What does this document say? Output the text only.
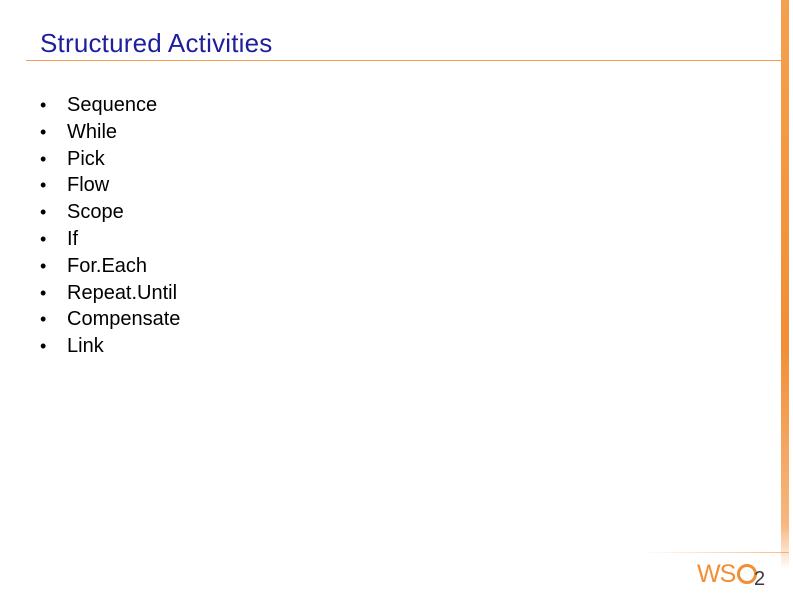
Structured Activities
•	Sequence
•	While
•	Pick
•	Flow
•	Scope
•	If
•	For.Each
•	Repeat.Until
•	Compensate
•	Link
WS 2
